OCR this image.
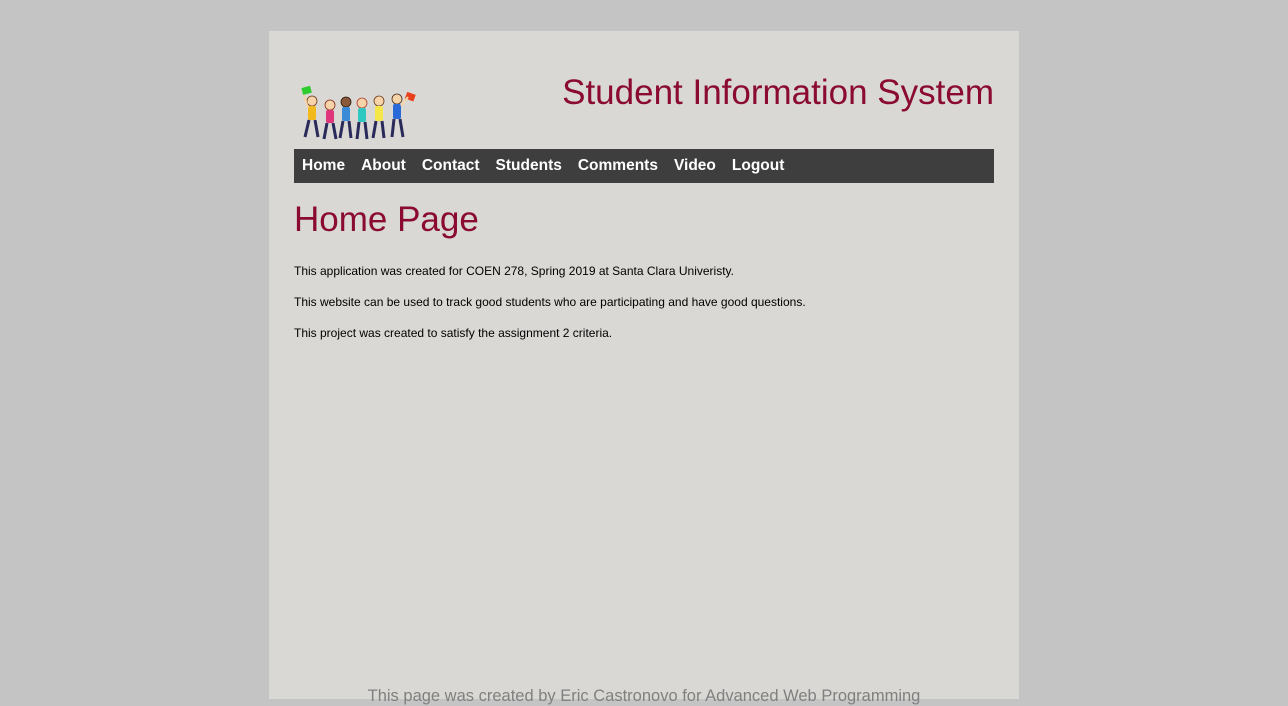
Student Information System
Home About Contact Students Comments Video Logout
Home Page

This application was created for COEN 278, Spring 2019 at Santa Clara Univeristy.

This website can be used to track good students who are participating and have good questions.

This project was created to satisfy the assignment 2 criteria.

This page was created by Eric Castronovo for Advanced Web Programming
